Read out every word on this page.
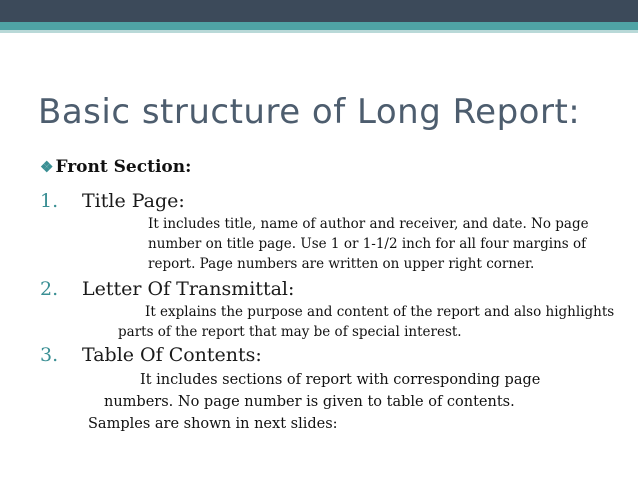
Basic structure of Long Report:
❖ Front Section:
1. Title Page:
It includes title, name of author and receiver, and date. No page
number on title page. Use 1 or 1-1/2 inch for all four margins of
report. Page numbers are written on upper right corner.
2. Letter Of Transmittal:
It explains the purpose and content of the report and also highlights
parts of the report that may be of special interest.
3. Table Of Contents:
It includes sections of report with corresponding page
numbers. No page number is given to table of contents.
Samples are shown in next slides:
